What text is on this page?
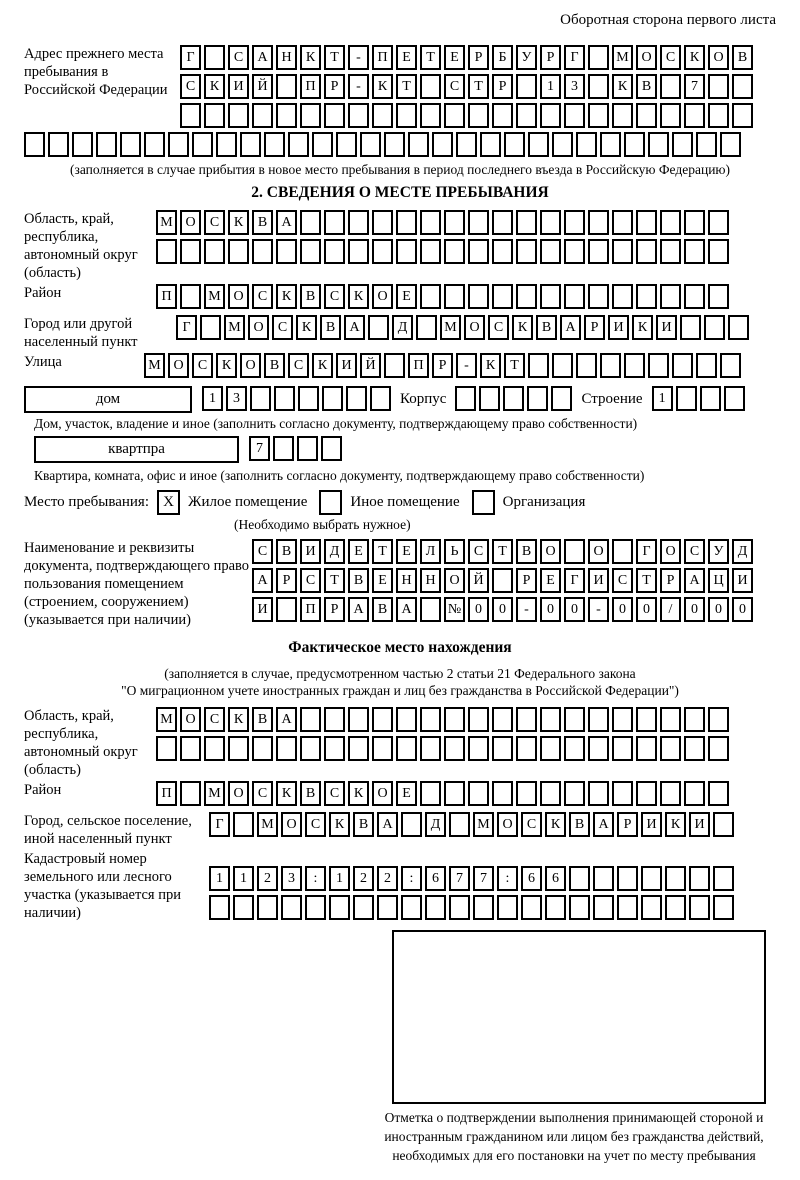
Оборотная сторона первого листа
Адрес прежнего места пребывания в Российской Федерации
Г	С	А Н	К	Т	-	П	Е	Т	Е	Р	Б	У	Р	Г	М О	С	К	О	В
С	К	И Й	П	Р	-	К	Т	С	Т	Р	1	3	К	В	7
(заполняется в случае прибытия в новое место пребывания в период последнего въезда в Российскую Федерацию)
2. СВЕДЕНИЯ О МЕСТЕ ПРЕБЫВАНИЯ
Область, край, республика, автономный округ (область)
М О	С	К	В	А
Район	П	М О	С	К	В	С	К	О	Е
Город или другой населенный пункт
Г	М О	С	К	В	А	Д	М О	С	К	В	А	Р	И	К	И
Улица	М О	С	К	О	В	С	К	И Й	П	Р	-	К	Т
дом	1	3	Корпус	Строение	1
Дом, участок, владение и иное (заполнить согласно документу, подтверждающему право собственности)
квартпра	7
Квартира, комната, офис и иное (заполнить согласно документу, подтверждающему право собственности)
Место пребывания: X Жилое помещение	Иное помещение	Организация
(Необходимо выбрать нужное)
Наименование и реквизиты документа, подтверждающего право пользования помещением (строением, сооружением) (указывается при наличии)
С	В	И	Д	Е	Т	Е	Л	Ь	С	Т	В	О	О	Г	О	С	У	Д
А	Р	С	Т	В	Е	Н Н О Й	Р	Е	Г	И	С	Т	Р	А Ц И
И	П	Р	А	В	А	№ 0	0	-	0	0	-	0	0	/	0	0	0
Фактическое место нахождения
(заполняется в случае, предусмотренном частью 2 статьи 21 Федерального закона
"О миграционном учете иностранных граждан и лиц без гражданства в Российской Федерации")
Область, край, республика, автономный округ (область)
М О	С	К	В	А
Район	П	М О	С	К	В	С	К	О	Е
Город, сельское поселение, иной населенный пункт
Г	М О	С	К	В	А	Д	М О	С	К	В	А	Р	И	К	И
Кадастровый номер земельного или лесного участка (указывается при наличии)
1	1	2	3	:	1	2	2	:	6	7	7	:	6	6
Отметка о подтверждении выполнения принимающей стороной и иностранным гражданином или лицом без гражданства действий, необходимых для его постановки на учет по месту пребывания
